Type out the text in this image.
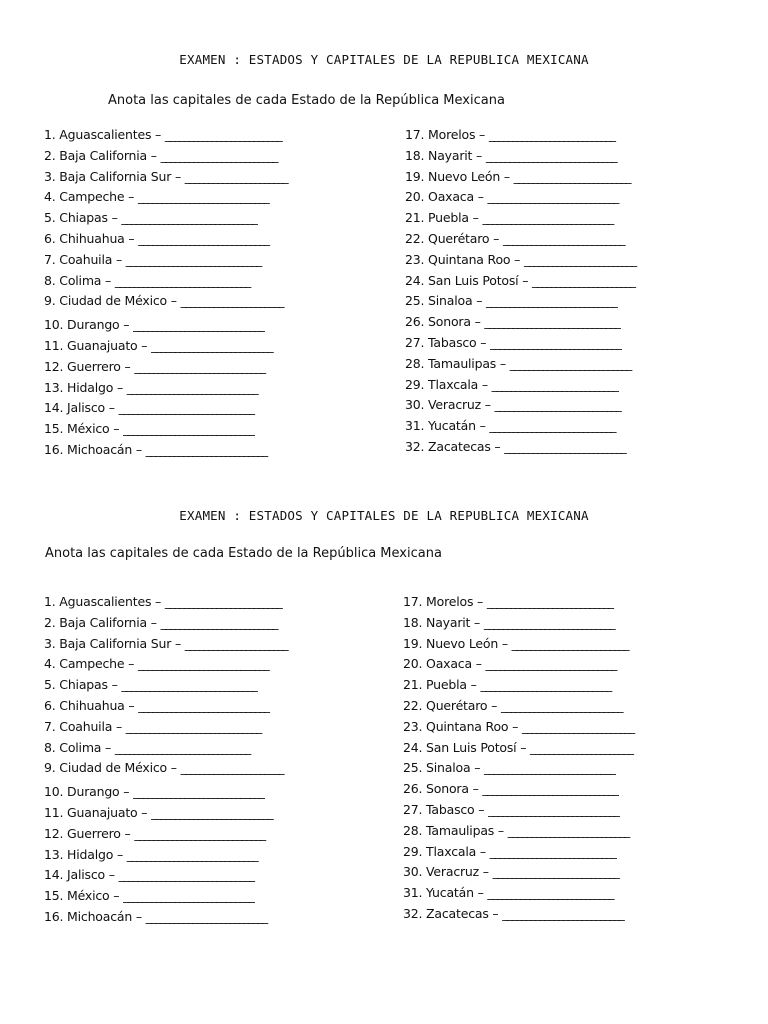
EXAMEN : ESTADOS Y CAPITALES DE LA REPUBLICA MEXICANA
Anota las capitales de cada Estado de la República Mexicana
1. Aguascalientes – _________________________
2. Baja California – _________________________
3. Baja California Sur – ______________________
4. Campeche – ____________________________
5. Chiapas – _____________________________
6. Chihuahua – ____________________________
7. Coahuila – _____________________________
8. Colima – _____________________________
9. Ciudad de México – ______________________
10. Durango – ____________________________
11. Guanajuato – __________________________
12. Guerrero – ____________________________
13. Hidalgo – ____________________________
14. Jalisco – _____________________________
15. México – ____________________________
16. Michoacán – __________________________
17. Morelos – ___________________________
18. Nayarit – ____________________________
19. Nuevo León – _________________________
20. Oaxaca – ____________________________
21. Puebla – ____________________________
22. Querétaro – __________________________
23. Quintana Roo – ________________________
24. San Luis Potosí – ______________________
25. Sinaloa – ____________________________
26. Sonora – _____________________________
27. Tabasco – ____________________________
28. Tamaulipas – __________________________
29. Tlaxcala – ___________________________
30. Veracruz – ___________________________
31. Yucatán – ___________________________
32. Zacatecas – __________________________
EXAMEN : ESTADOS Y CAPITALES DE LA REPUBLICA MEXICANA
Anota las capitales de cada Estado de la República Mexicana
1. Aguascalientes – _________________________
2. Baja California – _________________________
3. Baja California Sur – ______________________
4. Campeche – ____________________________
5. Chiapas – _____________________________
6. Chihuahua – ____________________________
7. Coahuila – _____________________________
8. Colima – _____________________________
9. Ciudad de México – ______________________
10. Durango – ____________________________
11. Guanajuato – __________________________
12. Guerrero – ____________________________
13. Hidalgo – ____________________________
14. Jalisco – _____________________________
15. México – ____________________________
16. Michoacán – __________________________
17. Morelos – ___________________________
18. Nayarit – ____________________________
19. Nuevo León – _________________________
20. Oaxaca – ____________________________
21. Puebla – ____________________________
22. Querétaro – __________________________
23. Quintana Roo – ________________________
24. San Luis Potosí – ______________________
25. Sinaloa – ____________________________
26. Sonora – _____________________________
27. Tabasco – ____________________________
28. Tamaulipas – __________________________
29. Tlaxcala – ___________________________
30. Veracruz – ___________________________
31. Yucatán – ___________________________
32. Zacatecas – __________________________
